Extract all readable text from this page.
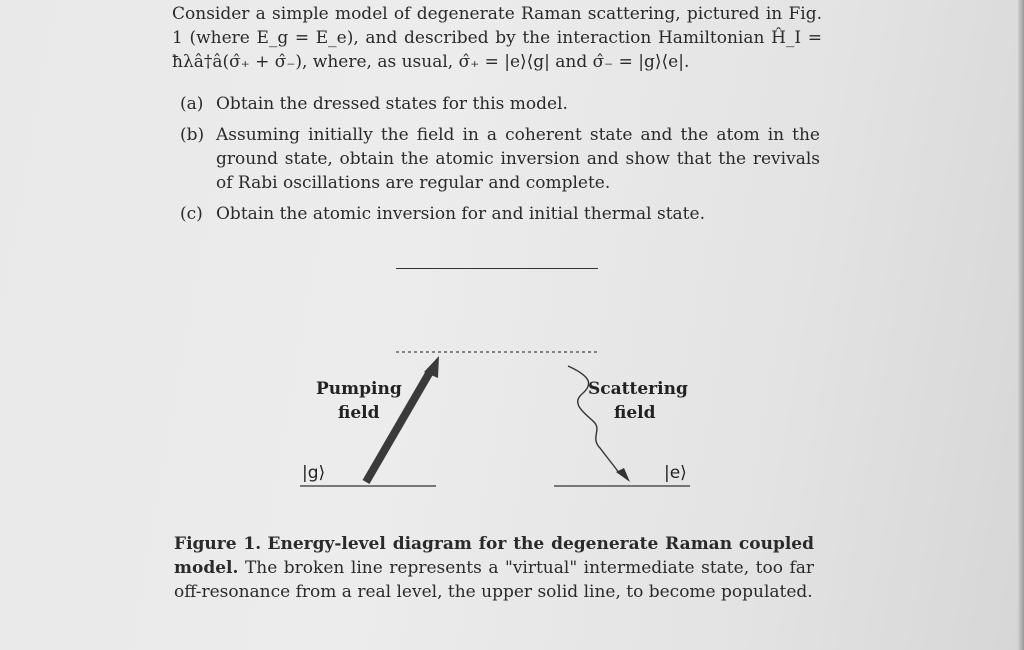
Consider a simple model of degenerate Raman scattering, pictured in Fig. 1 (where E_g = E_e), and described by the interaction Hamiltonian Ĥ_I = ħλâ†â(σ̂₊ + σ̂₋), where, as usual, σ̂₊ = |e⟩⟨g| and σ̂₋ = |g⟩⟨e|.

(a) Obtain the dressed states for this model.
(b) Assuming initially the field in a coherent state and the atom in the ground state, obtain the atomic inversion and show that the revivals of Rabi oscillations are regular and complete.
(c) Obtain the atomic inversion for and initial thermal state.
Pumping
field
Scattering
field
|g⟩	|e⟩
Figure 1. Energy-level diagram for the degenerate Raman coupled model. The broken line represents a "virtual" intermediate state, too far off-resonance from a real level, the upper solid line, to become populated.
